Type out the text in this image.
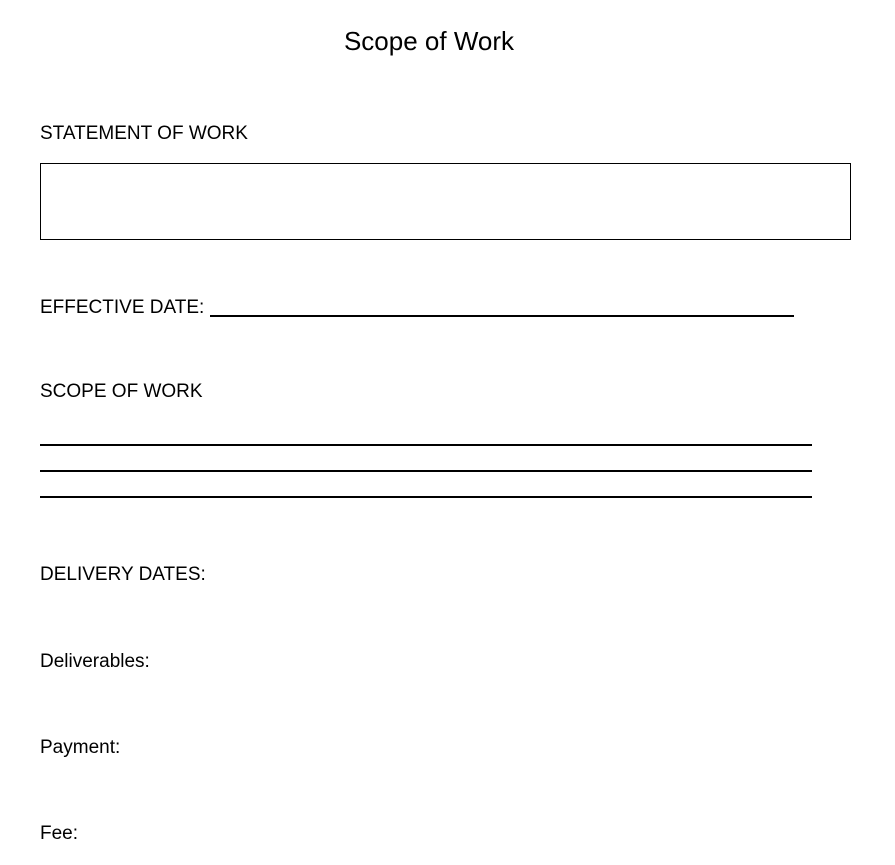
Scope of Work
STATEMENT OF WORK
EFFECTIVE DATE:
SCOPE OF WORK
DELIVERY DATES:
Deliverables:
Payment:
Fee:
